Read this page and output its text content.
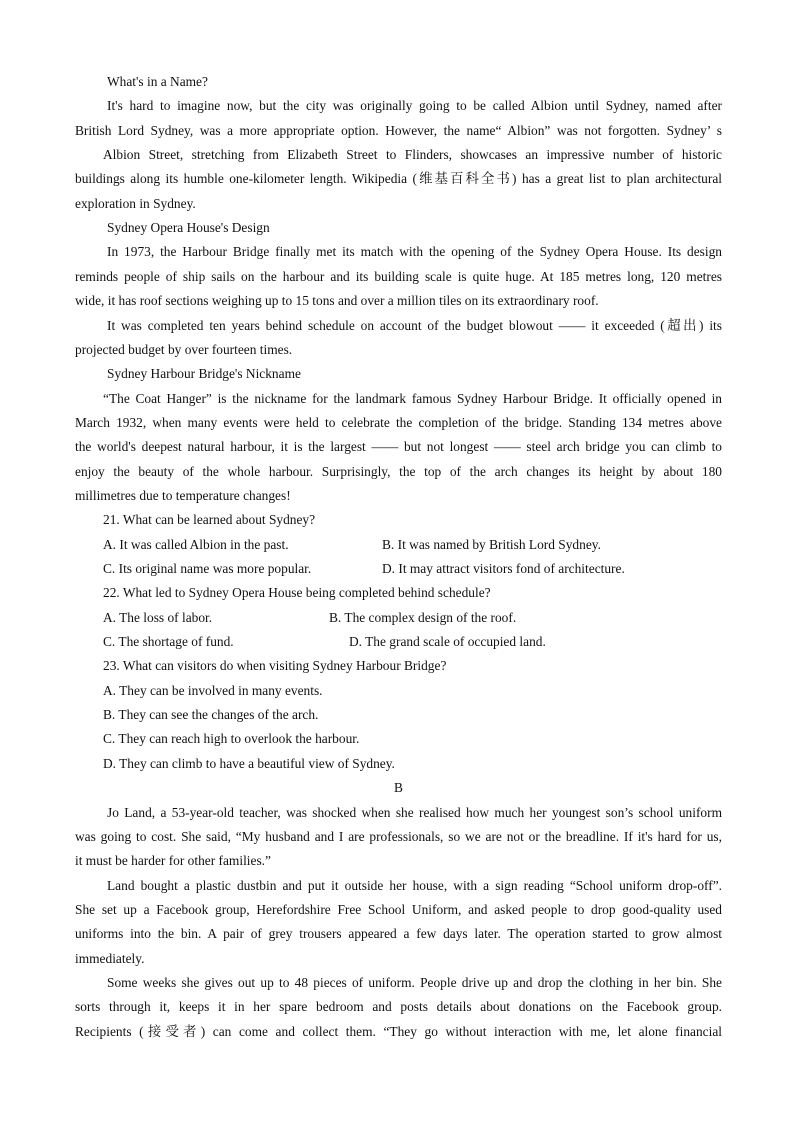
What's in a Name?
It's hard to imagine now, but the city was originally going to be called Albion until Sydney, named after
British Lord Sydney, was a more appropriate option. However, the name“ Albion” was not forgotten. Sydney’ s
Albion Street, stretching from Elizabeth Street to Flinders, showcases an impressive number of historic
buildings along its humble one-kilometer length. Wikipedia (维基百科全书) has a great list to plan architectural
exploration in Sydney.
Sydney Opera House's Design
In 1973, the Harbour Bridge finally met its match with the opening of the Sydney Opera House. Its design
reminds people of ship sails on the harbour and its building scale is quite huge. At 185 metres long, 120 metres
wide, it has roof sections weighing up to 15 tons and over a million tiles on its extraordinary roof.
It was completed ten years behind schedule on account of the budget blowout —— it exceeded (超出) its
projected budget by over fourteen times.
Sydney Harbour Bridge's Nickname
“The Coat Hanger” is the nickname for the landmark famous Sydney Harbour Bridge. It officially opened in
March 1932, when many events were held to celebrate the completion of the bridge. Standing 134 metres above
the world's deepest natural harbour, it is the largest —— but not longest —— steel arch bridge you can climb to
enjoy the beauty of the whole harbour. Surprisingly, the top of the arch changes its height by about 180
millimetres due to temperature changes!
21. What can be learned about Sydney?
A. It was called Albion in the past.	B. It was named by British Lord Sydney.
C. Its original name was more popular.	D. It may attract visitors fond of architecture.
22. What led to Sydney Opera House being completed behind schedule?
A. The loss of labor.	B. The complex design of the roof.
C. The shortage of fund.	D. The grand scale of occupied land.
23. What can visitors do when visiting Sydney Harbour Bridge?
A. They can be involved in many events.
B. They can see the changes of the arch.
C. They can reach high to overlook the harbour.
D. They can climb to have a beautiful view of Sydney.
B
Jo Land, a 53-year-old teacher, was shocked when she realised how much her youngest son’s school uniform
was going to cost. She said, “My husband and I are professionals, so we are not or the breadline. If it's hard for us,
it must be harder for other families.”
Land bought a plastic dustbin and put it outside her house, with a sign reading “School uniform drop-off”.
She set up a Facebook group, Herefordshire Free School Uniform, and asked people to drop good-quality used
uniforms into the bin. A pair of grey trousers appeared a few days later. The operation started to grow almost
immediately.
Some weeks she gives out up to 48 pieces of uniform. People drive up and drop the clothing in her bin. She
sorts through it, keeps it in her spare bedroom and posts details about donations on the Facebook group.
Recipients (接受者) can come and collect them. “They go without interaction with me, let alone financial
